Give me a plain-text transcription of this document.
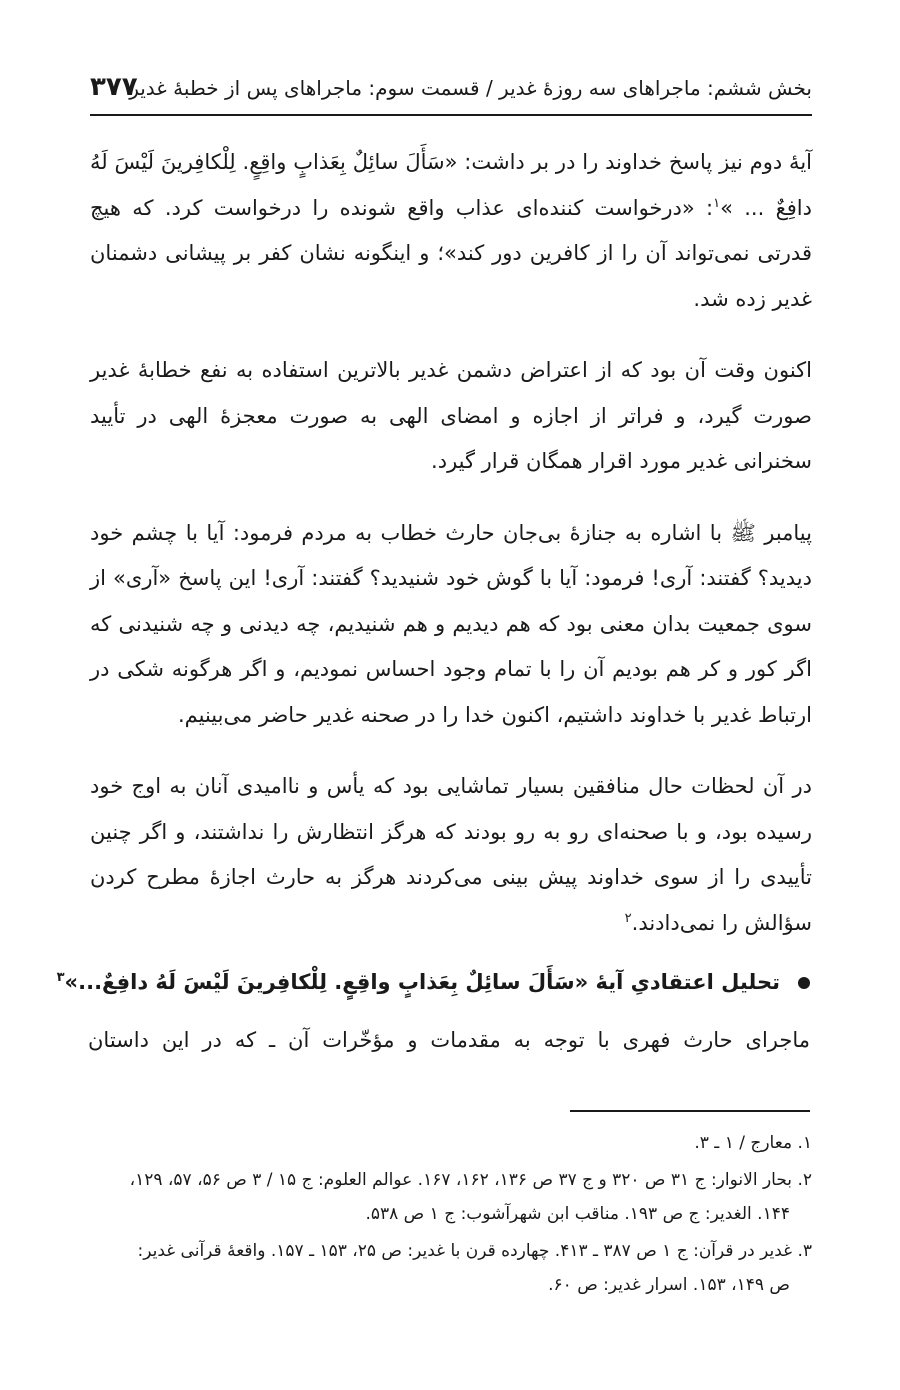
بخش ششم: ماجراهای سه روزهٔ غدیر / قسمت سوم: ماجراهای پس از خطبهٔ غدیر
۳۷۷

آیهٔ دوم نیز پاسخ خداوند را در بر داشت: «سَأَلَ سائِلٌ بِعَذابٍ واقِعٍ. لِلْكافِرينَ لَيْسَ لَهُ دافِعٌ ... »$^۱$: «درخواست کننده‌ای عذاب واقع شونده را درخواست کرد. که هیچ قدرتی نمی‌تواند آن را از کافرین دور کند»؛ و اینگونه نشان کفر بر پیشانی دشمنان غدیر زده شد.

اکنون وقت آن بود که از اعتراض دشمن غدیر بالاترین استفاده به نفع خطابهٔ غدیر صورت گیرد، و فراتر از اجازه و امضای الهی به صورت معجزهٔ الهی در تأیید سخنرانی غدیر مورد اقرار همگان قرار گیرد.

پیامبر ﷺ با اشاره به جنازهٔ بی‌جان حارث خطاب به مردم فرمود: آیا با چشم خود دیدید؟ گفتند: آری! فرمود: آیا با گوش خود شنیدید؟ گفتند: آری! این پاسخ «آری» از سوی جمعیت بدان معنی بود که هم دیدیم و هم شنیدیم، چه دیدنی و چه شنیدنی که اگر کور و کر هم بودیم آن را با تمام وجود احساس نمودیم، و اگر هرگونه شکی در ارتباط غدیر با خداوند داشتیم، اکنون خدا را در صحنه غدیر حاضر می‌بینیم.

در آن لحظات حال منافقین بسیار تماشایی بود که یأس و ناامیدی آنان به اوج خود رسیده بود، و با صحنه‌ای رو به رو بودند که هرگز انتظارش را نداشتند، و اگر چنین تأییدی را از سوی خداوند پیش بینی می‌کردند هرگز به حارث اجازهٔ مطرح کردن سؤالش را نمی‌دادند.$^۲$

تحلیل اعتقادیِ آیهٔ «سَأَلَ سائِلٌ بِعَذابٍ واقِعٍ. لِلْكافِرينَ لَيْسَ لَهُ دافِعٌ...»$^۳$
ماجرای حارث فهری با توجه به مقدمات و مؤخّرات آن ـ که در این داستان
۱. معارج / ۱ ـ ۳.
۲. بحار الانوار: ج ۳۱ ص ۳۲۰ و ج ۳۷ ص ۱۳۶، ۱۶۲، ۱۶۷. عوالم العلوم: ج ۱۵ / ۳ ص ۵۶، ۵۷، ۱۲۹،
۱۴۴. الغدیر: ج ص ۱۹۳. مناقب ابن شهرآشوب: ج ۱ ص ۵۳۸.
۳. غدیر در قرآن: ج ۱ ص ۳۸۷ ـ ۴۱۳. چهارده قرن با غدیر: ص ۲۵، ۱۵۳ ـ ۱۵۷. واقعهٔ قرآنی غدیر:
ص ۱۴۹، ۱۵۳. اسرار غدیر: ص ۶۰.
